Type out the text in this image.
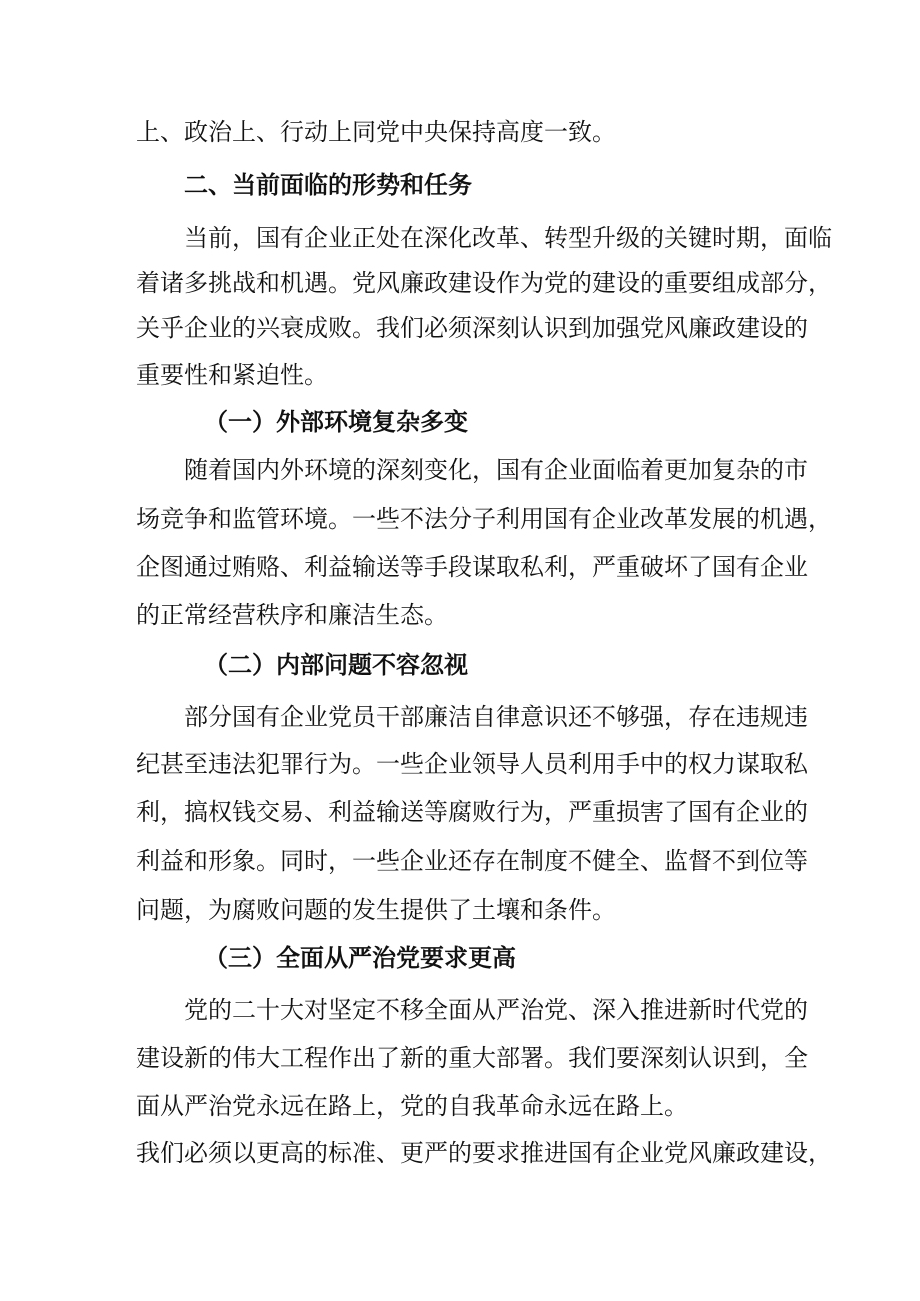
上、政治上、行动上同党中央保持高度一致。
二、当前面临的形势和任务
当前，国有企业正处在深化改革、转型升级的关键时期，面临
着诸多挑战和机遇。党风廉政建设作为党的建设的重要组成部分，
关乎企业的兴衰成败。我们必须深刻认识到加强党风廉政建设的
重要性和紧迫性。
（一）外部环境复杂多变
随着国内外环境的深刻变化，国有企业面临着更加复杂的市
场竞争和监管环境。一些不法分子利用国有企业改革发展的机遇，
企图通过贿赂、利益输送等手段谋取私利，严重破坏了国有企业
的正常经营秩序和廉洁生态。
（二）内部问题不容忽视
部分国有企业党员干部廉洁自律意识还不够强，存在违规违
纪甚至违法犯罪行为。一些企业领导人员利用手中的权力谋取私
利，搞权钱交易、利益输送等腐败行为，严重损害了国有企业的
利益和形象。同时，一些企业还存在制度不健全、监督不到位等
问题，为腐败问题的发生提供了土壤和条件。
（三）全面从严治党要求更高
党的二十大对坚定不移全面从严治党、深入推进新时代党的
建设新的伟大工程作出了新的重大部署。我们要深刻认识到，全
面从严治党永远在路上，党的自我革命永远在路上。
我们必须以更高的标准、更严的要求推进国有企业党风廉政建设，
